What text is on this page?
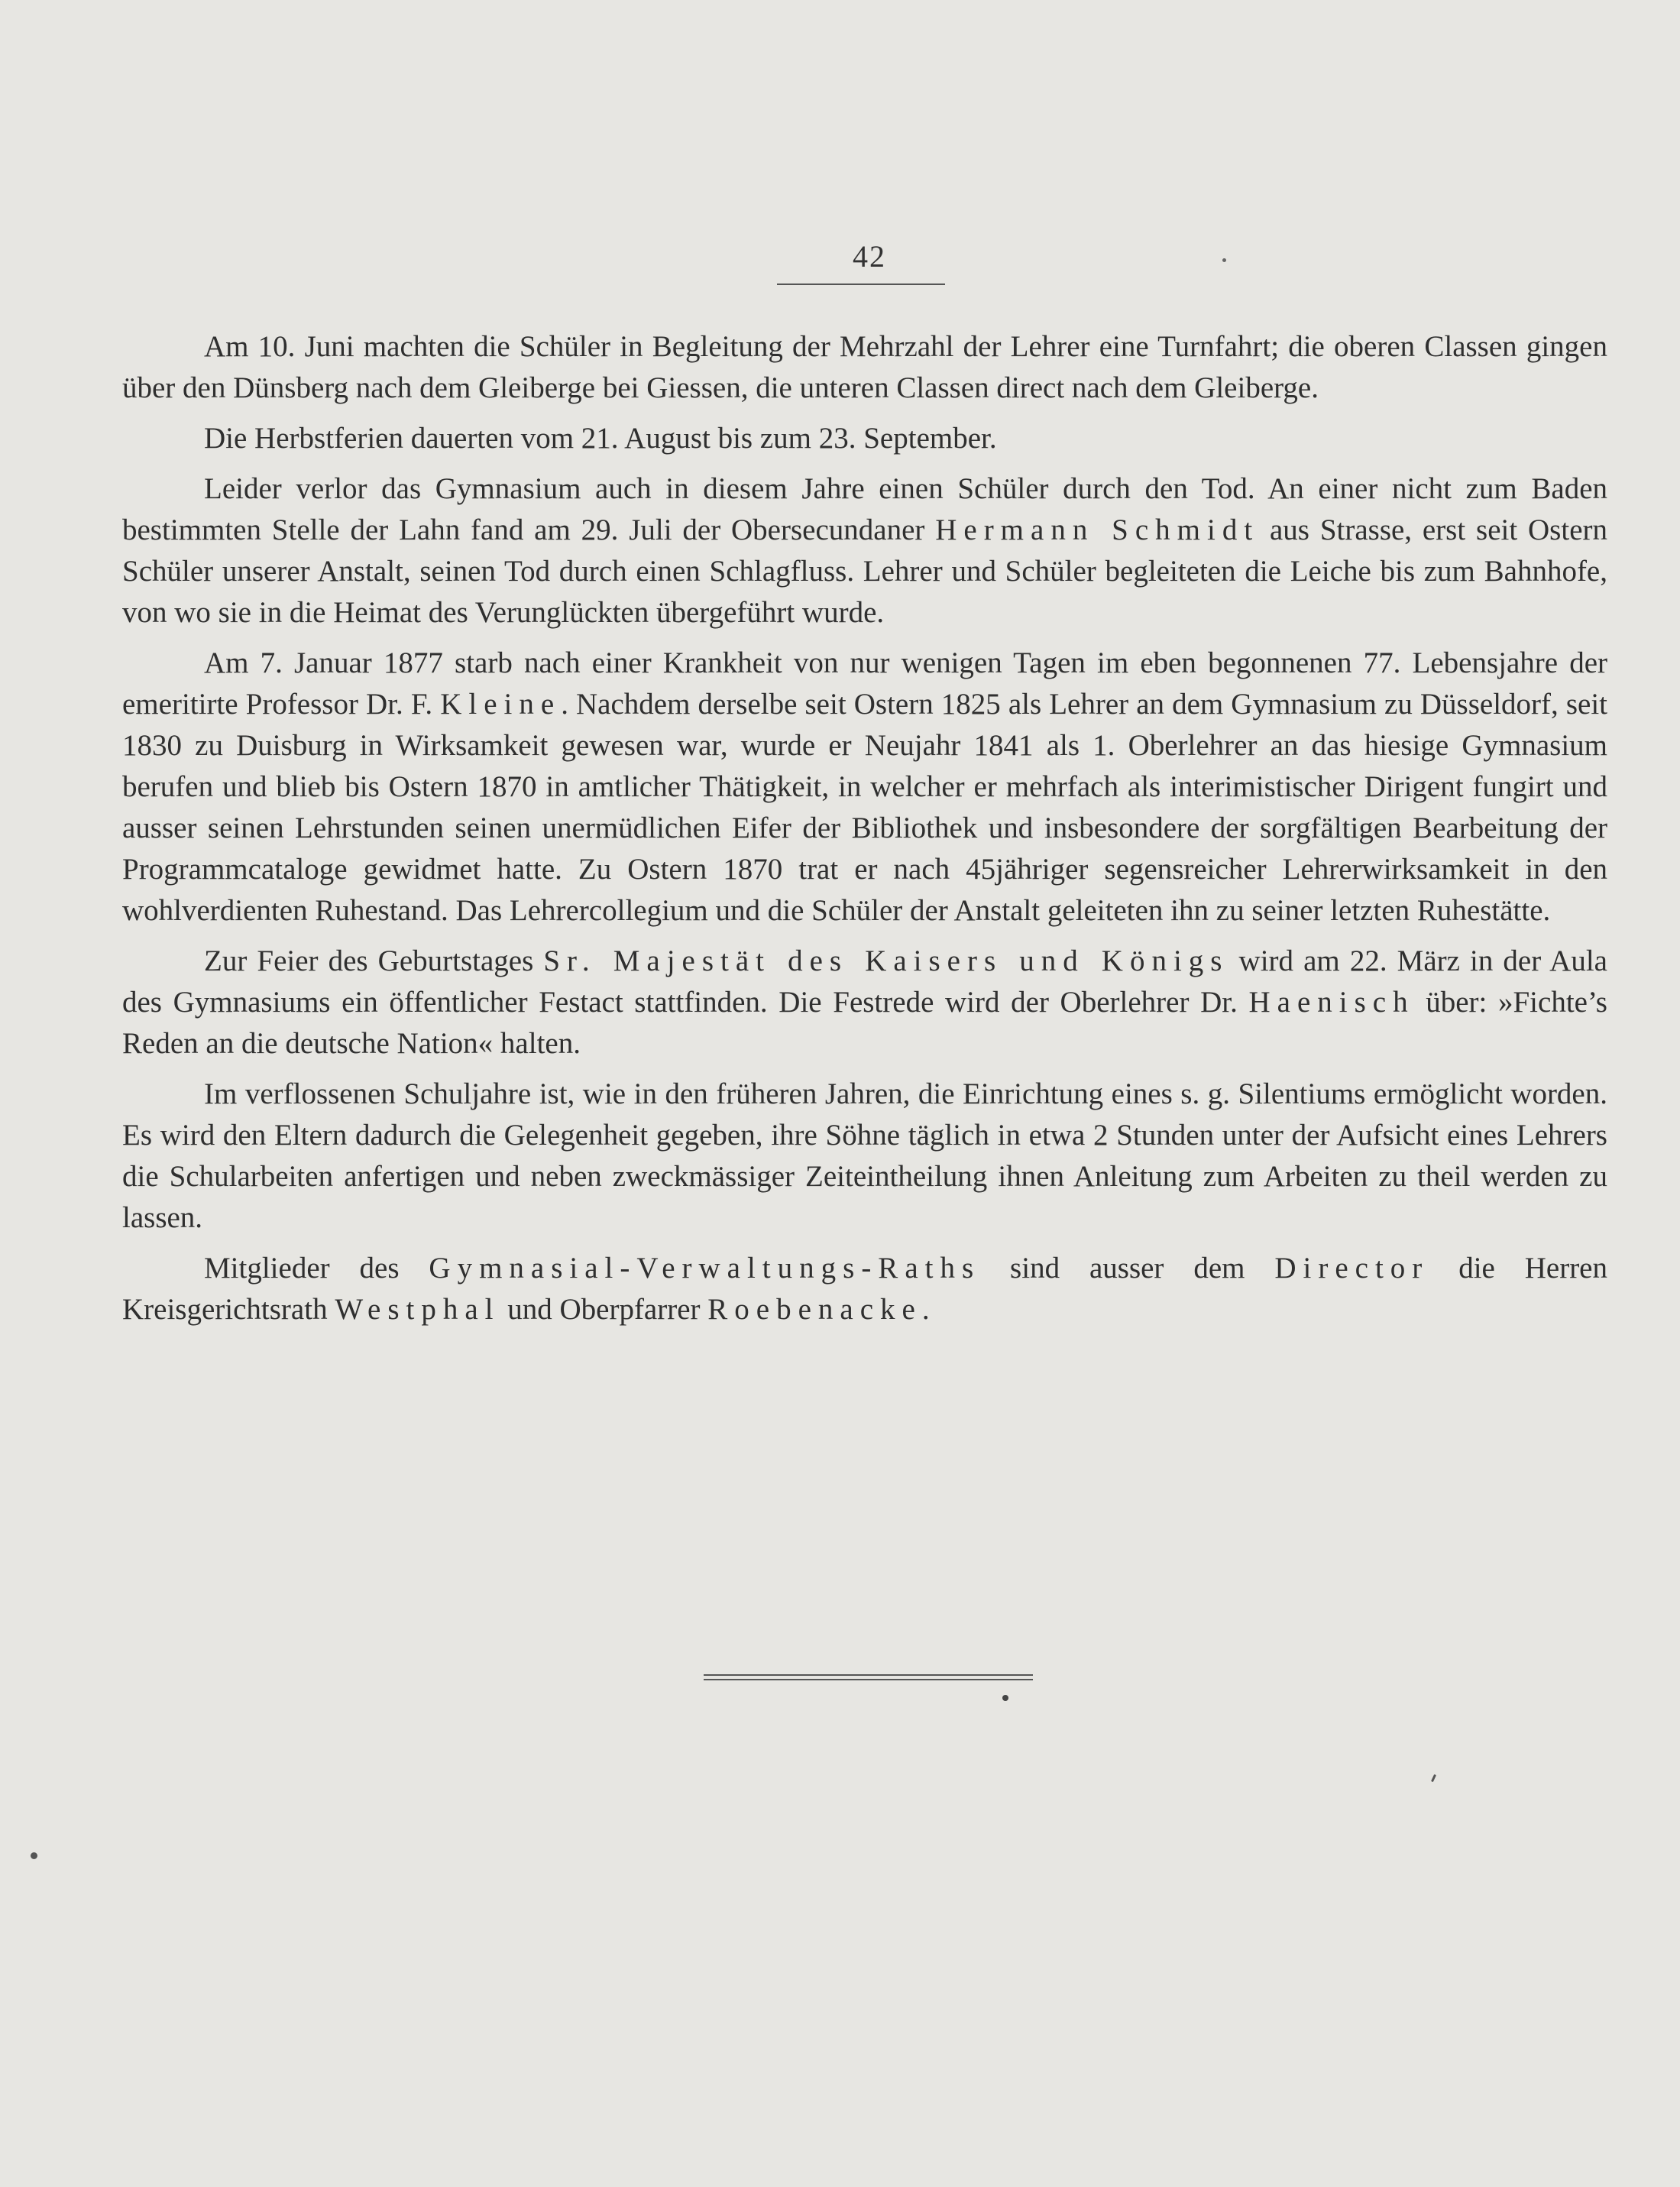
42

Am 10. Juni machten die Schüler in Begleitung der Mehrzahl der Lehrer eine Turnfahrt; die oberen Classen gingen über den Dünsberg nach dem Gleiberge bei Giessen, die unteren Classen direct nach dem Gleiberge.

Die Herbstferien dauerten vom 21. August bis zum 23. September.

Leider verlor das Gymnasium auch in diesem Jahre einen Schüler durch den Tod. An einer nicht zum Baden bestimmten Stelle der Lahn fand am 29. Juli der Obersecundaner Hermann Schmidt aus Strasse, erst seit Ostern Schüler unserer Anstalt, seinen Tod durch einen Schlagfluss. Lehrer und Schüler begleiteten die Leiche bis zum Bahnhofe, von wo sie in die Heimat des Verunglückten übergeführt wurde.

Am 7. Januar 1877 starb nach einer Krankheit von nur wenigen Tagen im eben begonnenen 77. Lebensjahre der emeritirte Professor Dr. F. Kleine. Nachdem derselbe seit Ostern 1825 als Lehrer an dem Gymnasium zu Düsseldorf, seit 1830 zu Duisburg in Wirksamkeit gewesen war, wurde er Neujahr 1841 als 1. Oberlehrer an das hiesige Gymnasium berufen und blieb bis Ostern 1870 in amtlicher Thätigkeit, in welcher er mehrfach als interimistischer Dirigent fungirt und ausser seinen Lehrstunden seinen unermüdlichen Eifer der Bibliothek und insbesondere der sorgfältigen Bearbeitung der Programmcataloge gewidmet hatte. Zu Ostern 1870 trat er nach 45jähriger segensreicher Lehrerwirksamkeit in den wohlverdienten Ruhestand. Das Lehrercollegium und die Schüler der Anstalt geleiteten ihn zu seiner letzten Ruhestätte.

Zur Feier des Geburtstages Sr. Majestät des Kaisers und Königs wird am 22. März in der Aula des Gymnasiums ein öffentlicher Festact stattfinden. Die Festrede wird der Oberlehrer Dr. Haenisch über: »Fichte’s Reden an die deutsche Nation« halten.

Im verflossenen Schuljahre ist, wie in den früheren Jahren, die Einrichtung eines s. g. Silentiums ermöglicht worden. Es wird den Eltern dadurch die Gelegenheit gegeben, ihre Söhne täglich in etwa 2 Stunden unter der Aufsicht eines Lehrers die Schularbeiten anfertigen und neben zweckmässiger Zeiteintheilung ihnen Anleitung zum Arbeiten zu theil werden zu lassen.

Mitglieder des Gymnasial-Verwaltungs-Raths sind ausser dem Director die Herren Kreisgerichtsrath Westphal und Oberpfarrer Roebenacke.
